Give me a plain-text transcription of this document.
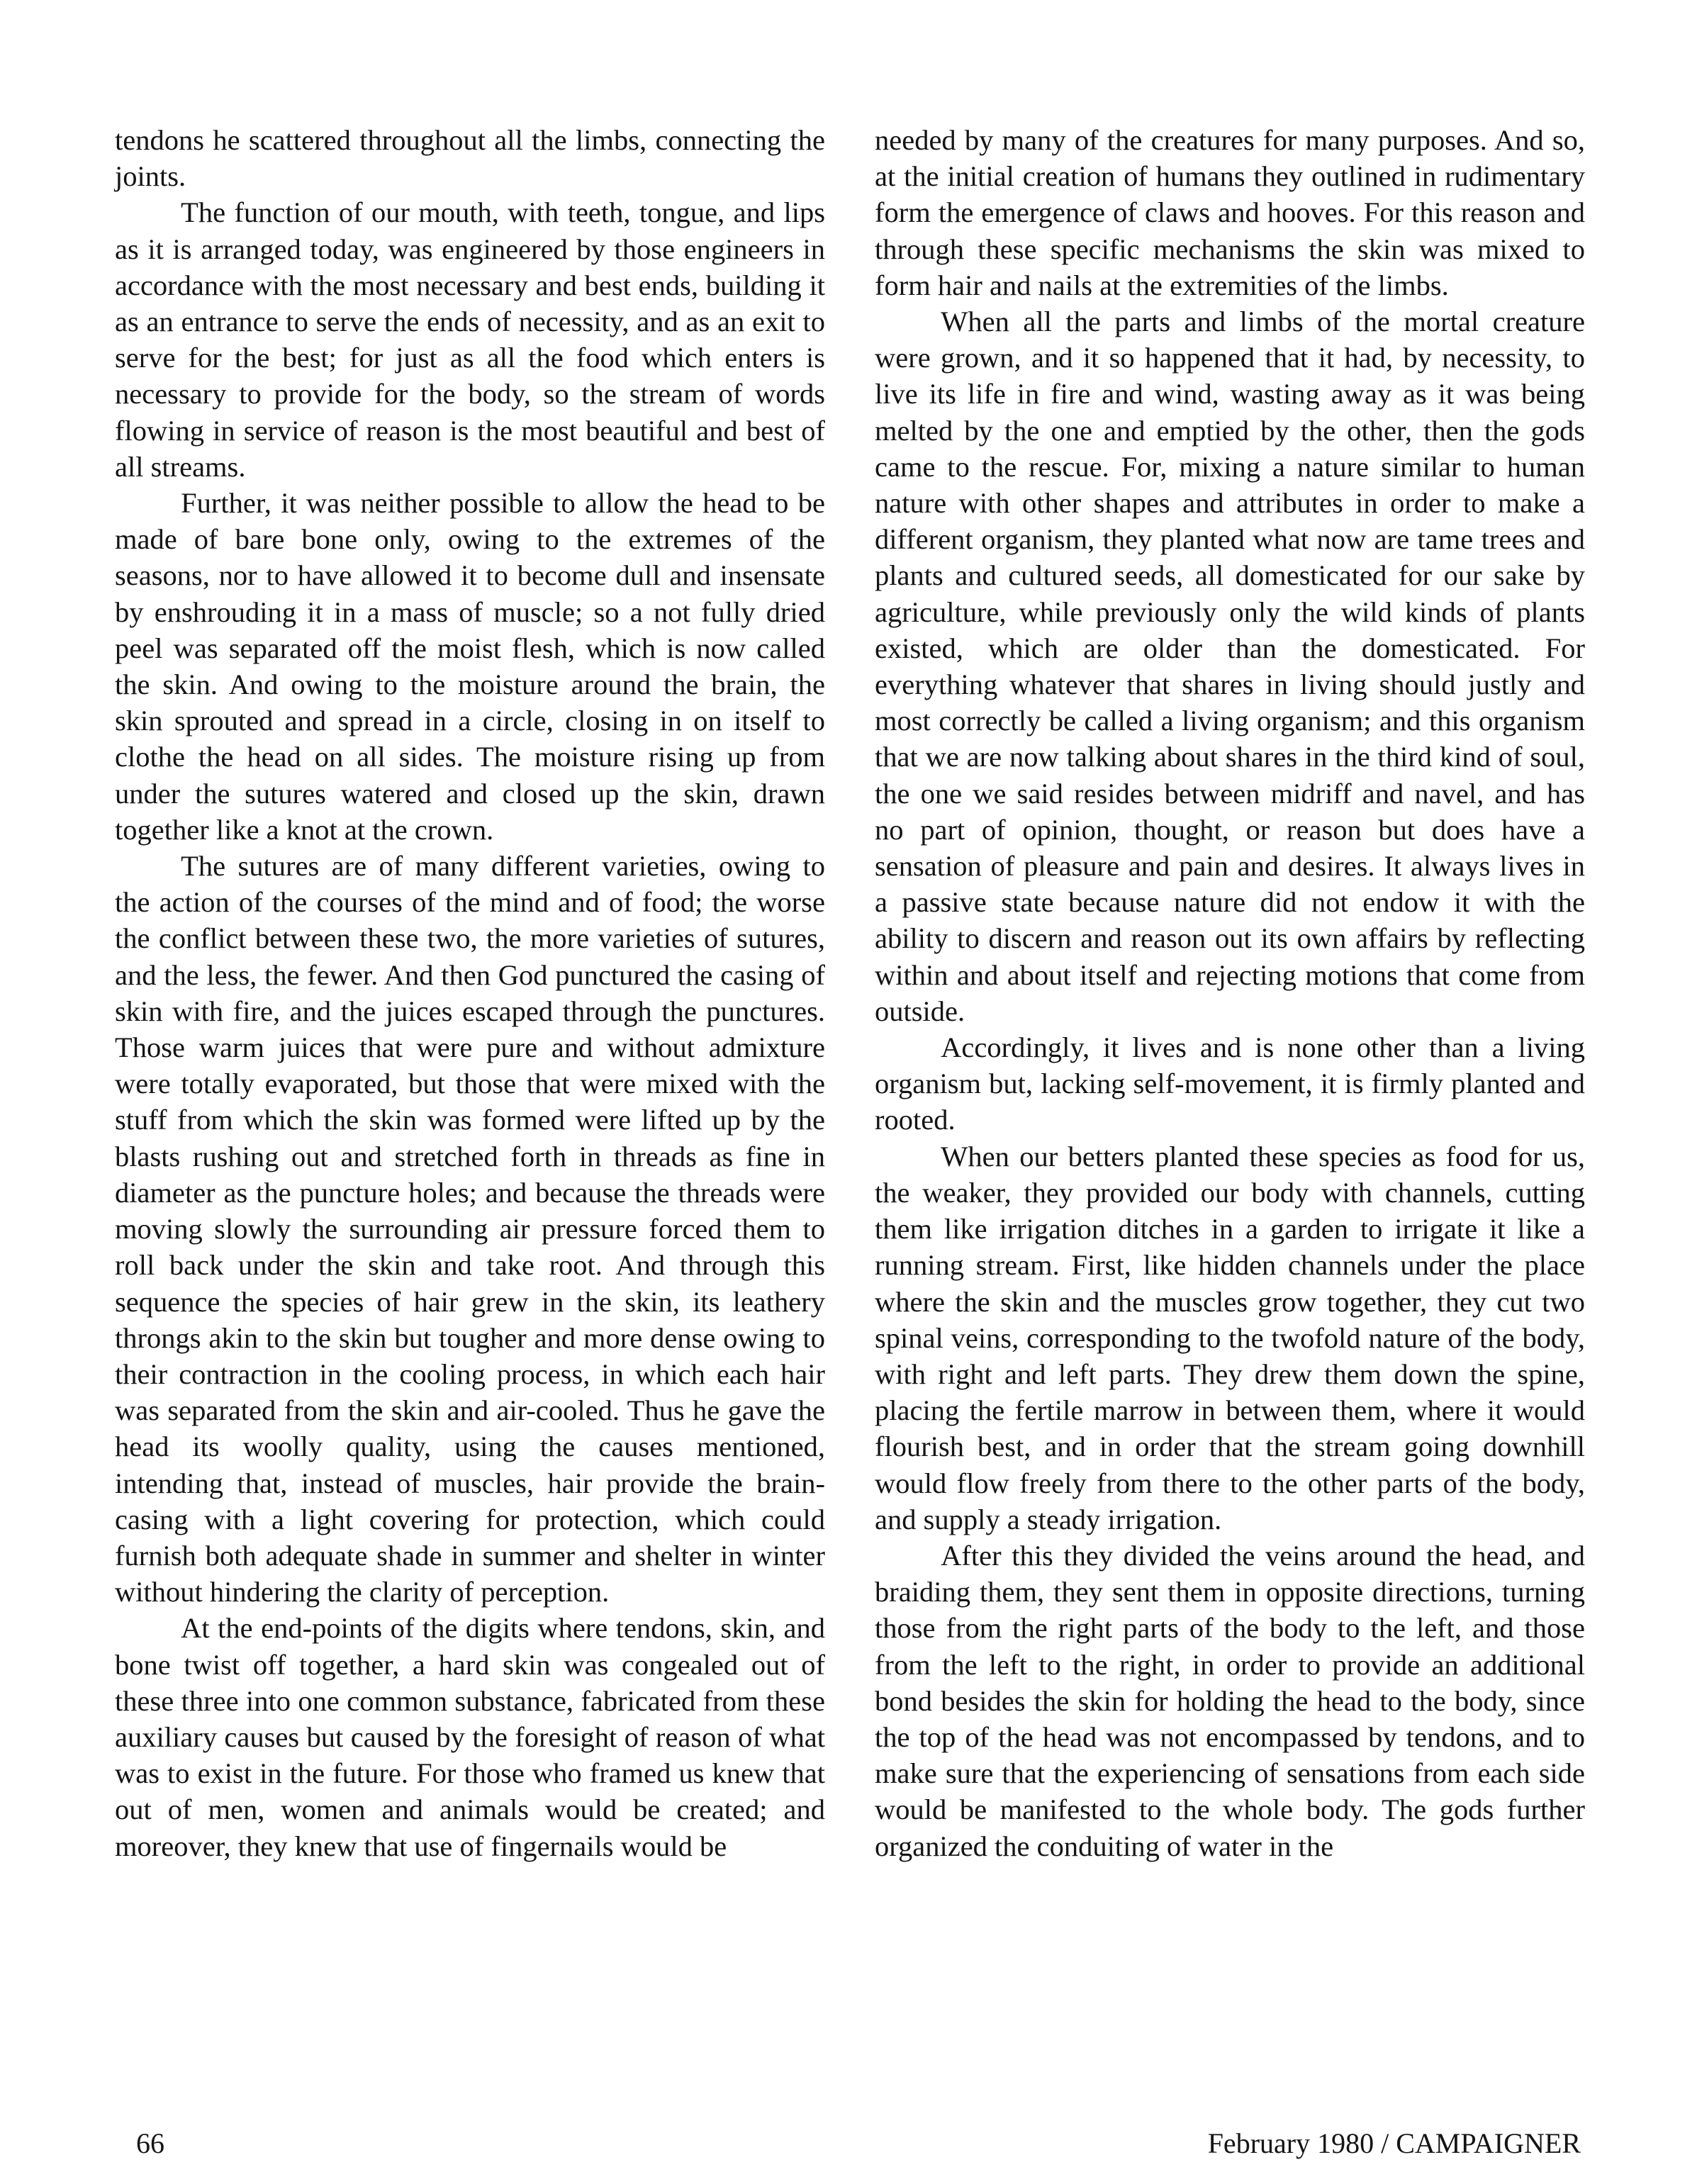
tendons he scattered throughout all the limbs, connecting the joints.

The function of our mouth, with teeth, tongue, and lips as it is arranged today, was engineered by those engineers in accordance with the most necessary and best ends, building it as an entrance to serve the ends of necessity, and as an exit to serve for the best; for just as all the food which enters is necessary to provide for the body, so the stream of words flowing in service of reason is the most beautiful and best of all streams.

Further, it was neither possible to allow the head to be made of bare bone only, owing to the extremes of the seasons, nor to have allowed it to become dull and insensate by enshrouding it in a mass of muscle; so a not fully dried peel was separated off the moist flesh, which is now called the skin. And owing to the moisture around the brain, the skin sprouted and spread in a circle, closing in on itself to clothe the head on all sides. The moisture rising up from under the sutures watered and closed up the skin, drawn together like a knot at the crown.

The sutures are of many different varieties, owing to the action of the courses of the mind and of food; the worse the conflict between these two, the more varieties of sutures, and the less, the fewer. And then God punctured the casing of skin with fire, and the juices escaped through the punctures. Those warm juices that were pure and without admixture were totally evaporated, but those that were mixed with the stuff from which the skin was formed were lifted up by the blasts rushing out and stretched forth in threads as fine in diameter as the puncture holes; and because the threads were moving slowly the surrounding air pressure forced them to roll back under the skin and take root. And through this sequence the species of hair grew in the skin, its leathery throngs akin to the skin but tougher and more dense owing to their contraction in the cooling process, in which each hair was separated from the skin and air-cooled. Thus he gave the head its woolly quality, using the causes mentioned, intending that, instead of muscles, hair provide the brain-casing with a light covering for protection, which could furnish both adequate shade in summer and shelter in winter without hindering the clarity of perception.

At the end-points of the digits where tendons, skin, and bone twist off together, a hard skin was congealed out of these three into one common substance, fabricated from these auxiliary causes but caused by the foresight of reason of what was to exist in the future. For those who framed us knew that out of men, women and animals would be created; and moreover, they knew that use of fingernails would be

needed by many of the creatures for many purposes. And so, at the initial creation of humans they outlined in rudimentary form the emergence of claws and hooves. For this reason and through these specific mechanisms the skin was mixed to form hair and nails at the extremities of the limbs.

When all the parts and limbs of the mortal creature were grown, and it so happened that it had, by necessity, to live its life in fire and wind, wasting away as it was being melted by the one and emptied by the other, then the gods came to the rescue. For, mixing a nature similar to human nature with other shapes and attributes in order to make a different organism, they planted what now are tame trees and plants and cultured seeds, all domesticated for our sake by agriculture, while previously only the wild kinds of plants existed, which are older than the domesticated. For everything whatever that shares in living should justly and most correctly be called a living organism; and this organism that we are now talking about shares in the third kind of soul, the one we said resides between midriff and navel, and has no part of opinion, thought, or reason but does have a sensation of pleasure and pain and desires. It always lives in a passive state because nature did not endow it with the ability to discern and reason out its own affairs by reflecting within and about itself and rejecting motions that come from outside.

Accordingly, it lives and is none other than a living organism but, lacking self-movement, it is firmly planted and rooted.

When our betters planted these species as food for us, the weaker, they provided our body with channels, cutting them like irrigation ditches in a garden to irrigate it like a running stream. First, like hidden channels under the place where the skin and the muscles grow together, they cut two spinal veins, corresponding to the twofold nature of the body, with right and left parts. They drew them down the spine, placing the fertile marrow in between them, where it would flourish best, and in order that the stream going downhill would flow freely from there to the other parts of the body, and supply a steady irrigation.

After this they divided the veins around the head, and braiding them, they sent them in opposite directions, turning those from the right parts of the body to the left, and those from the left to the right, in order to provide an additional bond besides the skin for holding the head to the body, since the top of the head was not encompassed by tendons, and to make sure that the experiencing of sensations from each side would be manifested to the whole body. The gods further organized the conduiting of water in the

66	February 1980 / CAMPAIGNER
